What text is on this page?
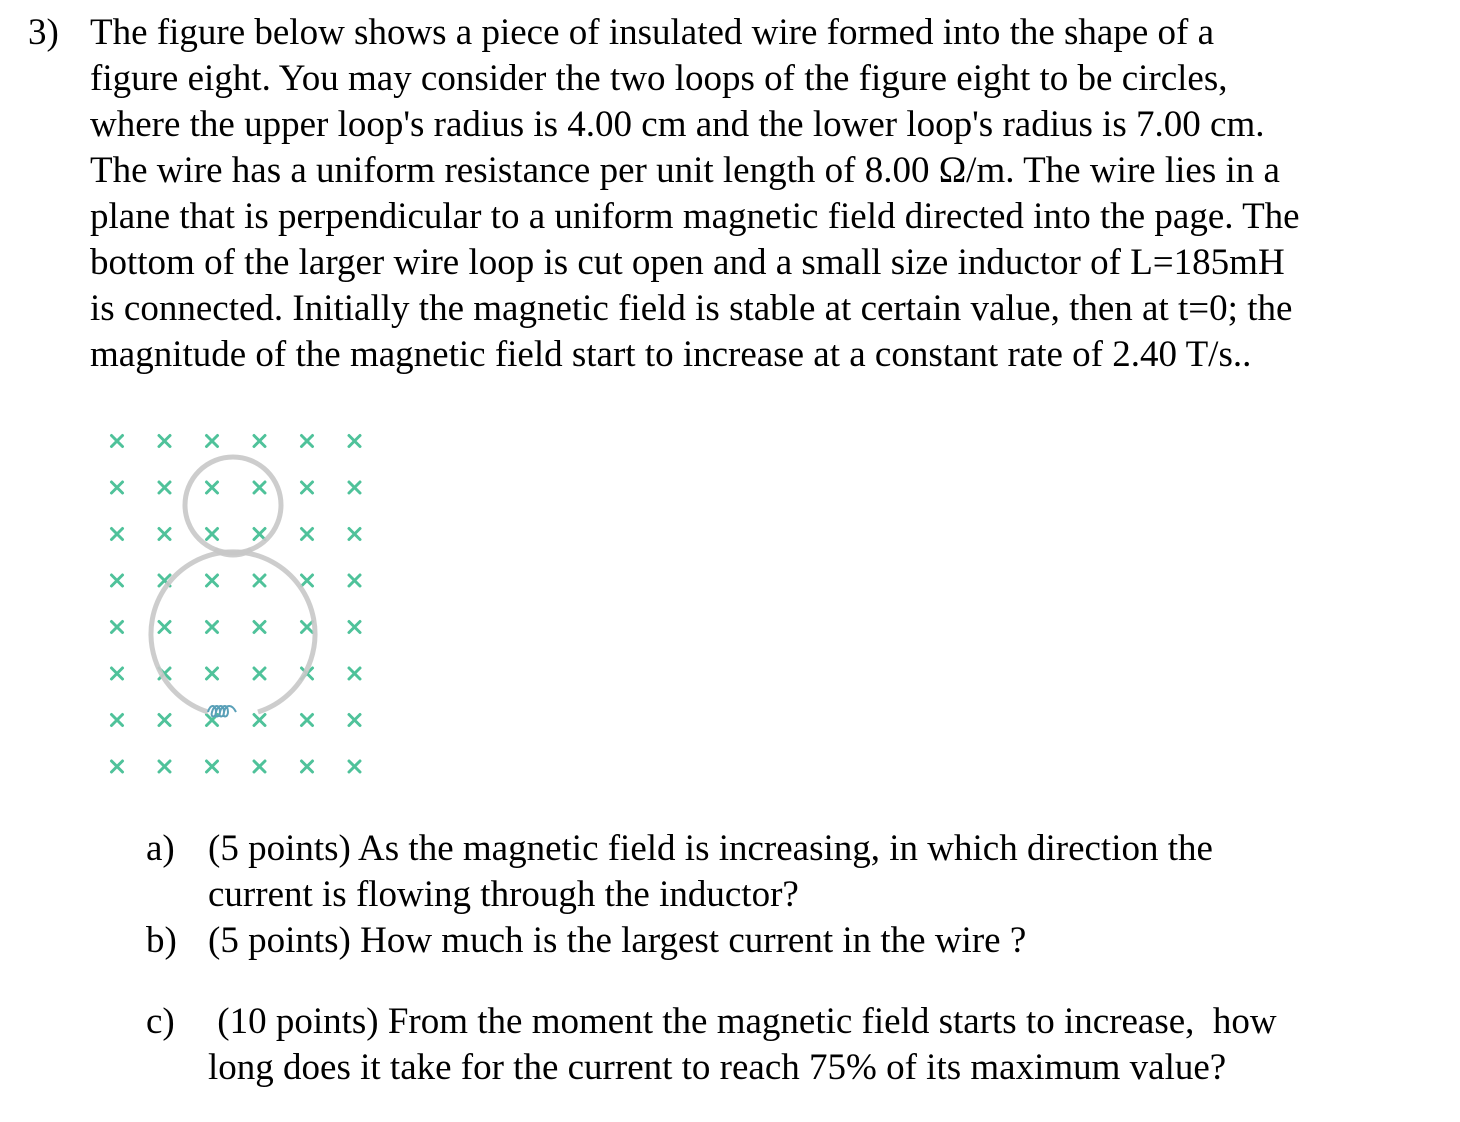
3) The figure below shows a piece of insulated wire formed into the shape of a
figure eight. You may consider the two loops of the figure eight to be circles,
where the upper loop's radius is 4.00 cm and the lower loop's radius is 7.00 cm.
The wire has a uniform resistance per unit length of 8.00 Ω/m. The wire lies in a
plane that is perpendicular to a uniform magnetic field directed into the page. The
bottom of the larger wire loop is cut open and a small size inductor of L=185mH
is connected. Initially the magnetic field is stable at certain value, then at t=0; the
magnitude of the magnetic field start to increase at a constant rate of 2.40 T/s..
a) (5 points) As the magnetic field is increasing, in which direction the
current is flowing through the inductor?
b) (5 points) How much is the largest current in the wire ?
c) (10 points) From the moment the magnetic field starts to increase,  how
long does it take for the current to reach 75% of its maximum value?
